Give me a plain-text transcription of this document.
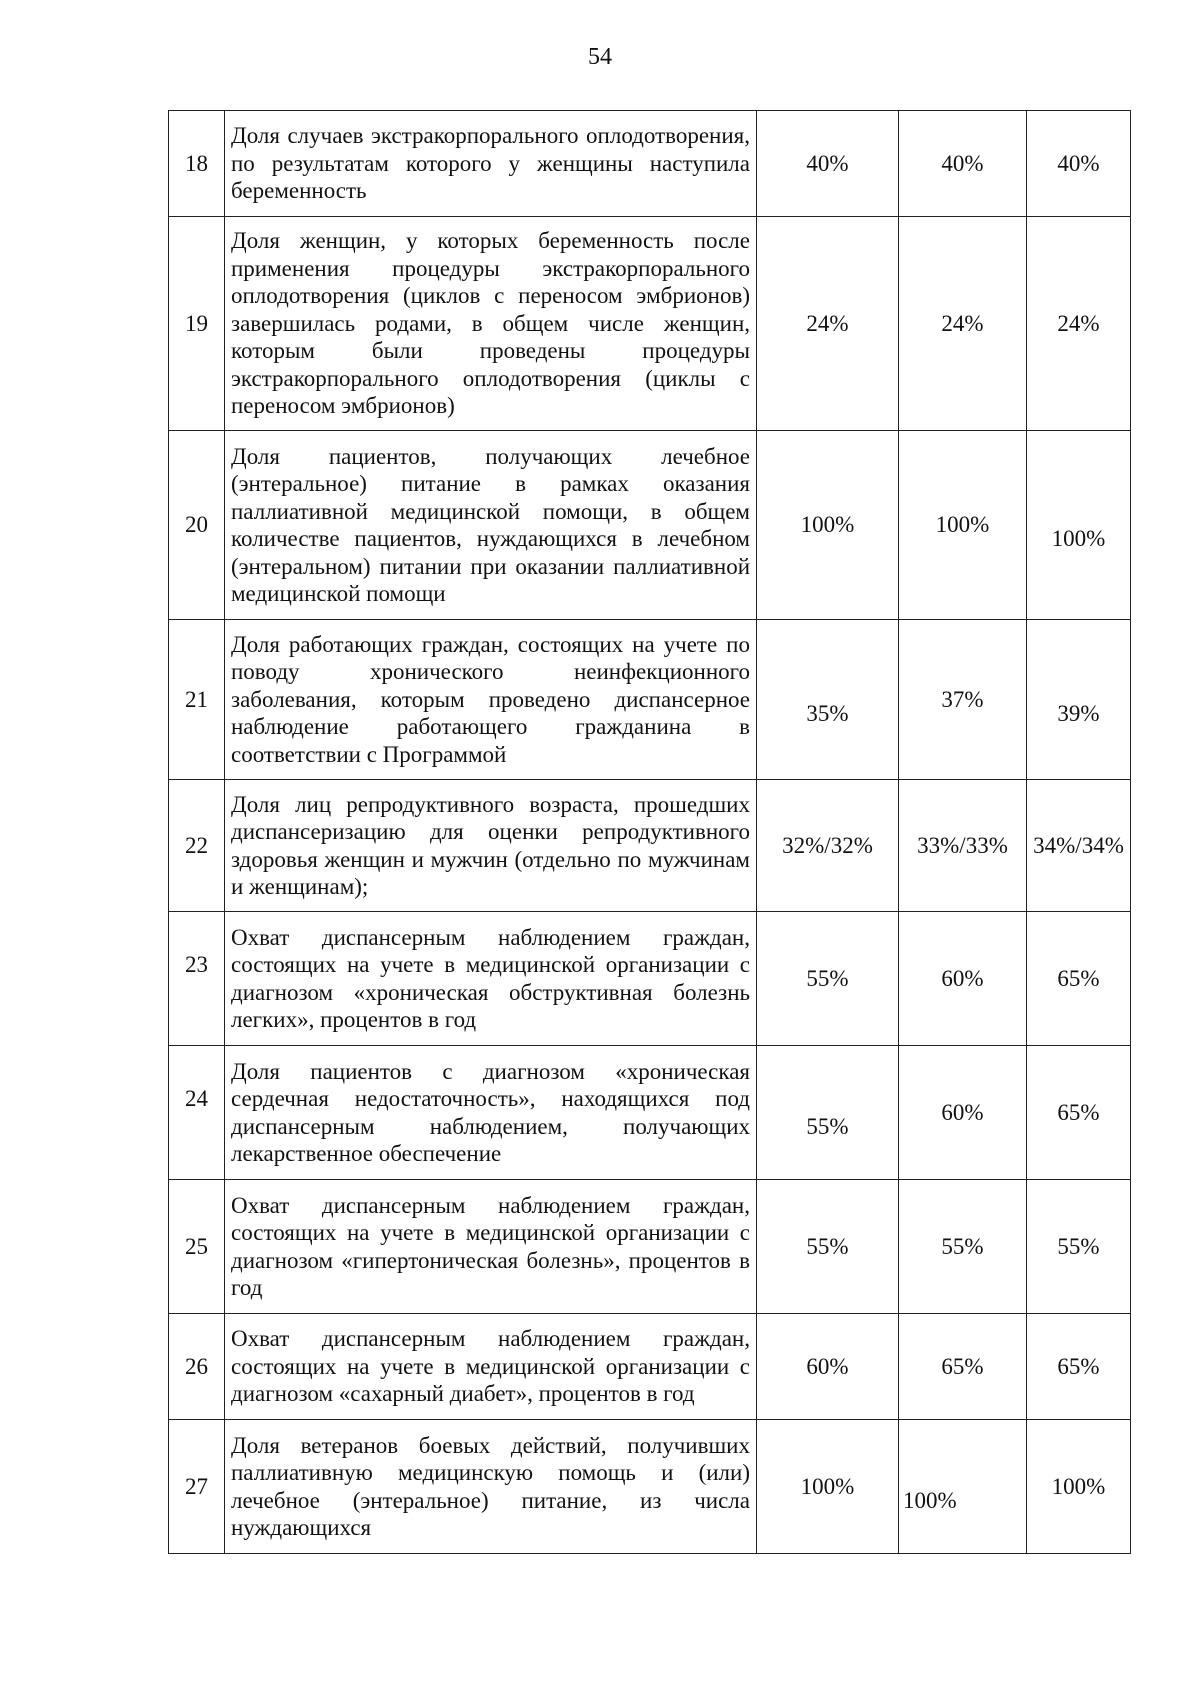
54
18	Доля случаев экстракорпорального оплодотворения, по результатам которого у женщины наступила беременность	40%	40%	40%
19	Доля женщин, у которых беременность после применения процедуры экстракорпорального оплодотворения (циклов с переносом эмбрионов) завершилась родами, в общем числе женщин, которым были проведены процедуры экстракорпорального оплодотворения (циклы с переносом эмбрионов)	24%	24%	24%
20	Доля пациентов, получающих лечебное (энтеральное) питание в рамках оказания паллиативной медицинской помощи, в общем количестве пациентов, нуждающихся в лечебном (энтеральном) питании при оказании паллиативной медицинской помощи	100%	100%	100%
21	Доля работающих граждан, состоящих на учете по поводу хронического неинфекционного заболевания, которым проведено диспансерное наблюдение работающего гражданина в соответствии с Программой	35%	37%	39%
22	Доля лиц репродуктивного возраста, прошедших диспансеризацию для оценки репродуктивного здоровья женщин и мужчин (отдельно по мужчинам и женщинам);	32%/32%	33%/33%	34%/34%
23	Охват диспансерным наблюдением граждан, состоящих на учете в медицинской организации с диагнозом «хроническая обструктивная болезнь легких», процентов в год	55%	60%	65%
24	Доля пациентов с диагнозом «хроническая сердечная недостаточность», находящихся под диспансерным наблюдением, получающих лекарственное обеспечение	55%	60%	65%
25	Охват диспансерным наблюдением граждан, состоящих на учете в медицинской организации с диагнозом «гипертоническая болезнь», процентов в год	55%	55%	55%
26	Охват диспансерным наблюдением граждан, состоящих на учете в медицинской организации с диагнозом «сахарный диабет», процентов в год	60%	65%	65%
27	Доля ветеранов боевых действий, получивших паллиативную медицинскую помощь и (или) лечебное (энтеральное) питание, из числа нуждающихся	100%	100%	100%
